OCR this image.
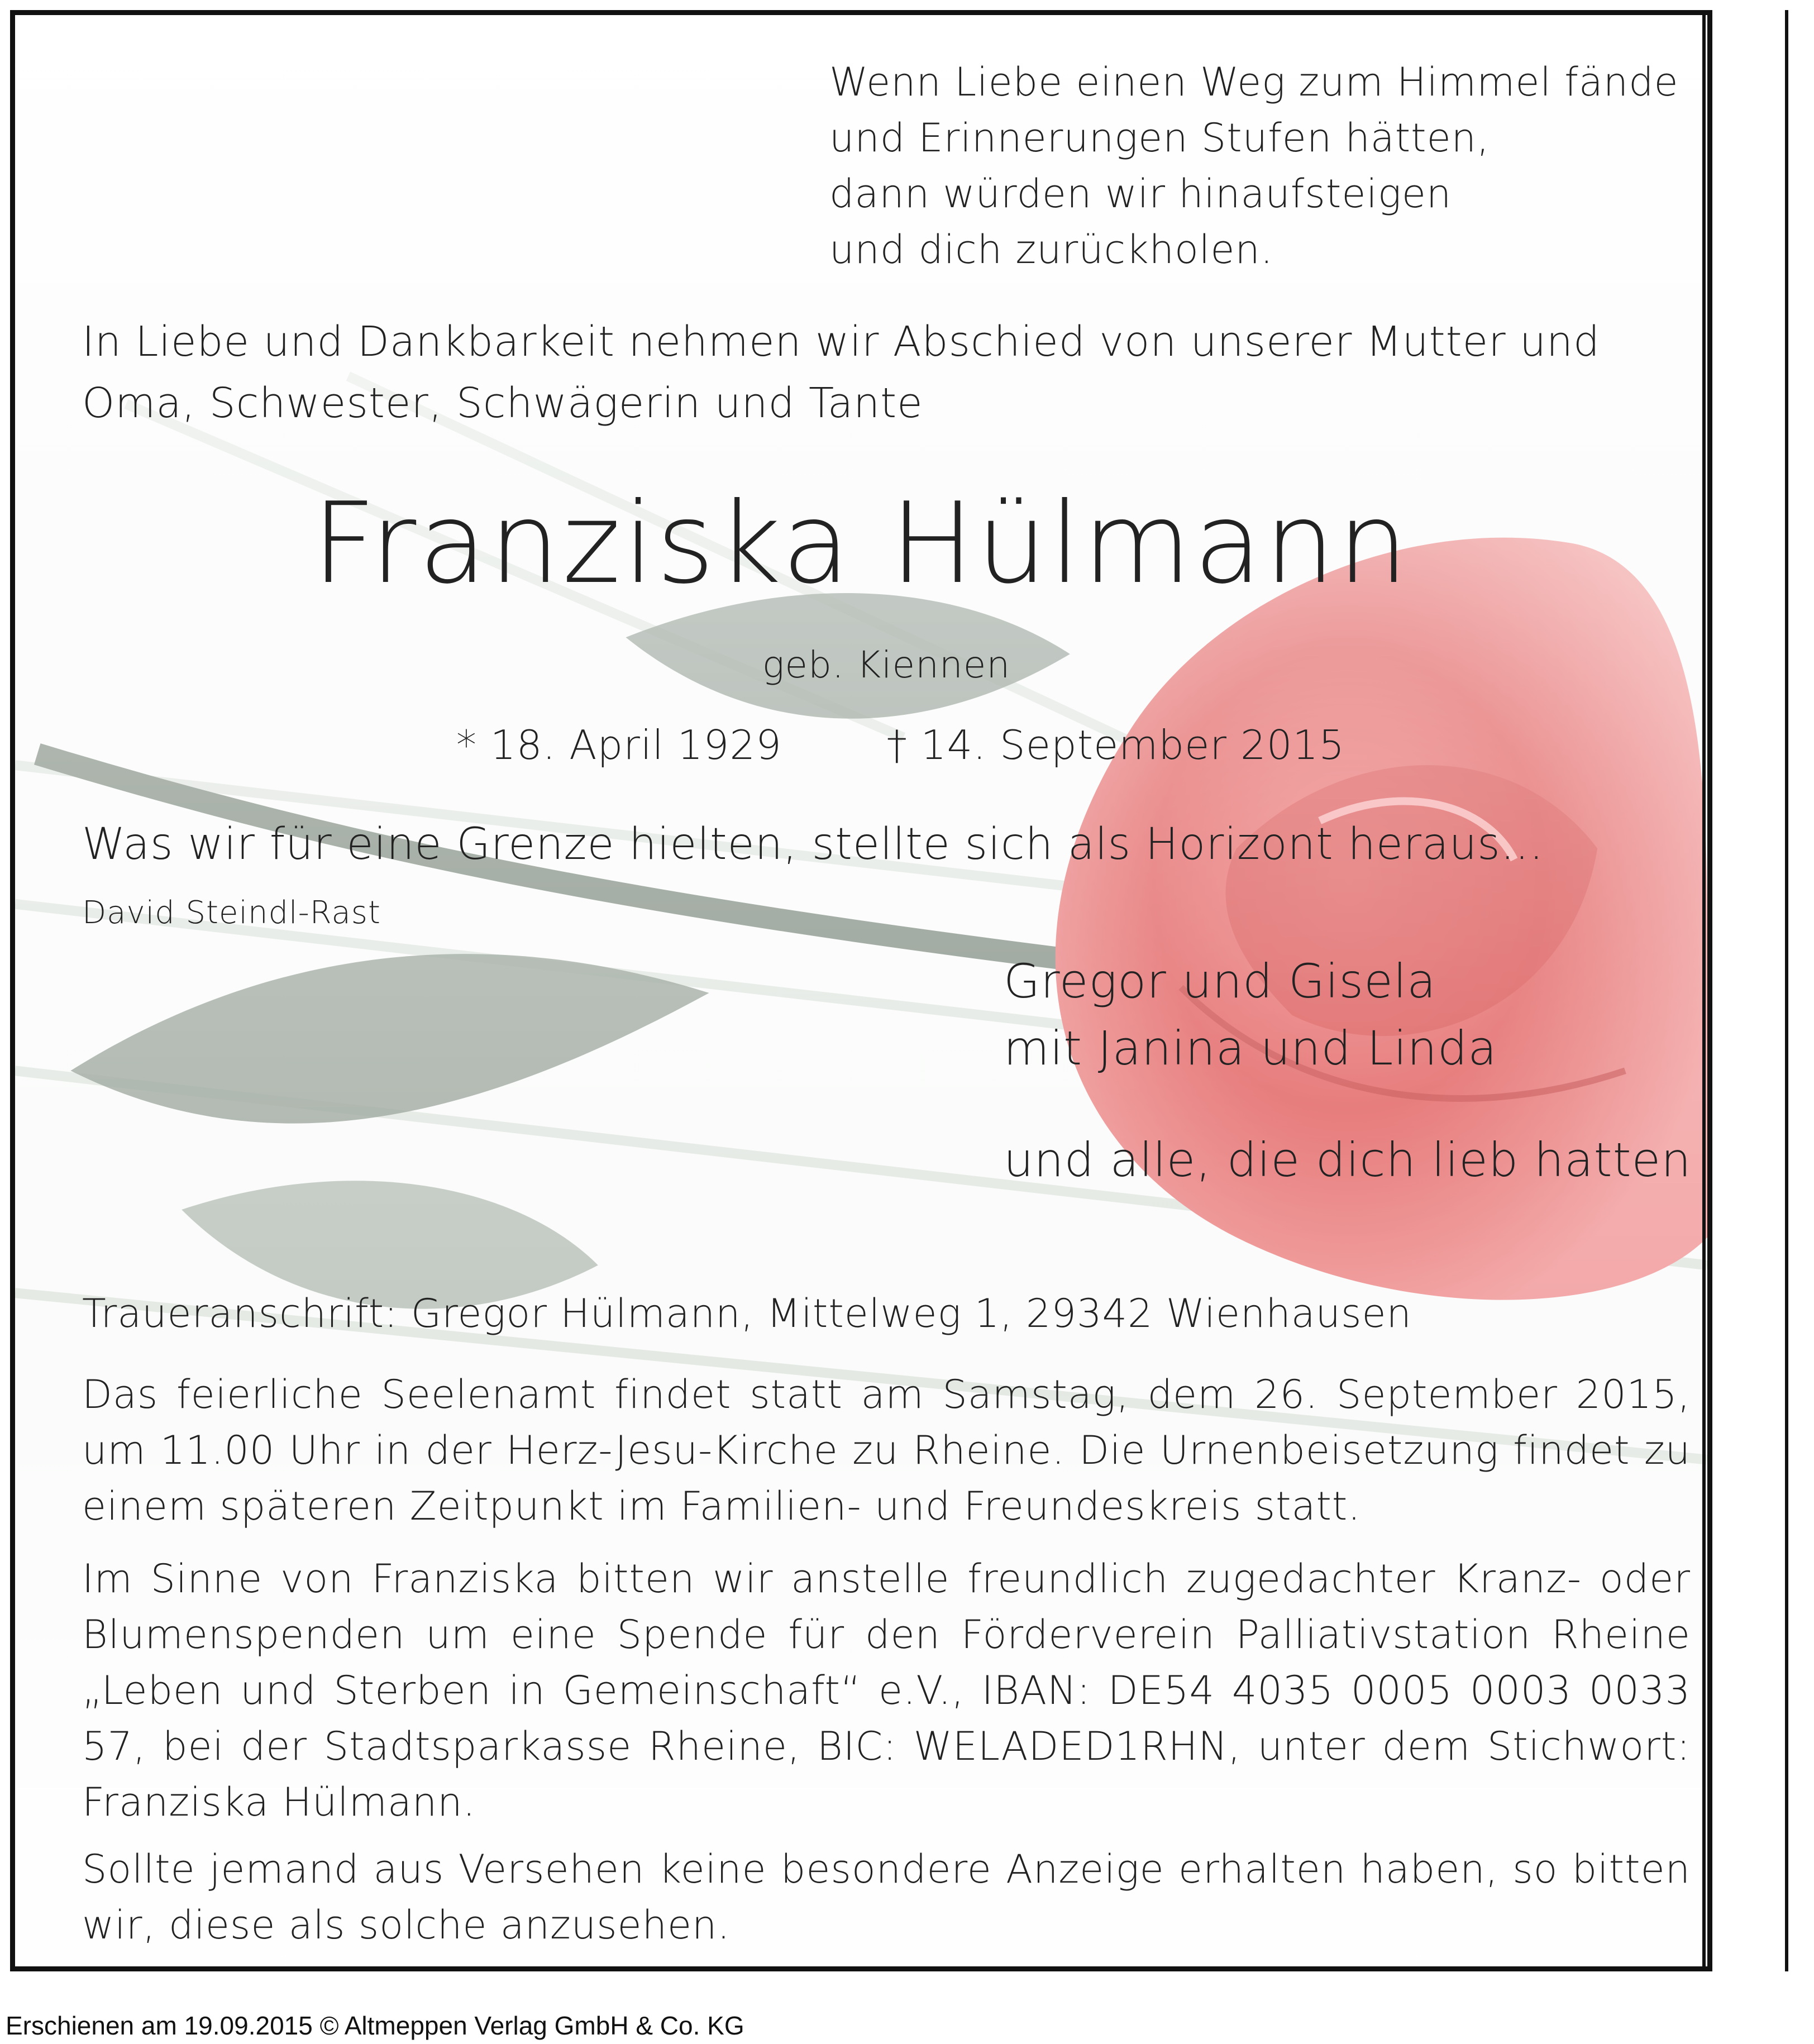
Wenn Liebe einen Weg zum Himmel fände
und Erinnerungen Stufen hätten,
dann würden wir hinaufsteigen
und dich zurückholen.
In Liebe und Dankbarkeit nehmen wir Abschied von unserer Mutter und Oma, Schwester, Schwägerin und Tante
Franziska Hülmann
geb. Kiennen
* 18. April 1929	† 14. September 2015
Was wir für eine Grenze hielten, stellte sich als Horizont heraus...
David Steindl-Rast
Gregor und Gisela
mit Janina und Linda
und alle, die dich lieb hatten
Traueranschrift: Gregor Hülmann, Mittelweg 1, 29342 Wienhausen
Das feierliche Seelenamt findet statt am Samstag, dem 26. September 2015, um 11.00 Uhr in der Herz-Jesu-Kirche zu Rheine. Die Urnenbeisetzung findet zu einem späteren Zeitpunkt im Familien- und Freundeskreis statt.
Im Sinne von Franziska bitten wir anstelle freundlich zugedachter Kranz- oder Blumenspenden um eine Spende für den Förderverein Palliativstation Rheine „Leben und Sterben in Gemeinschaft“ e.V., IBAN: DE54 4035 0005 0003 0033 57, bei der Stadtsparkasse Rheine, BIC: WELADED1RHN, unter dem Stichwort: Franziska Hülmann.
Sollte jemand aus Versehen keine besondere Anzeige erhalten haben, so bitten wir, diese als solche anzusehen.
Erschienen am 19.09.2015 © Altmeppen Verlag GmbH & Co. KG
